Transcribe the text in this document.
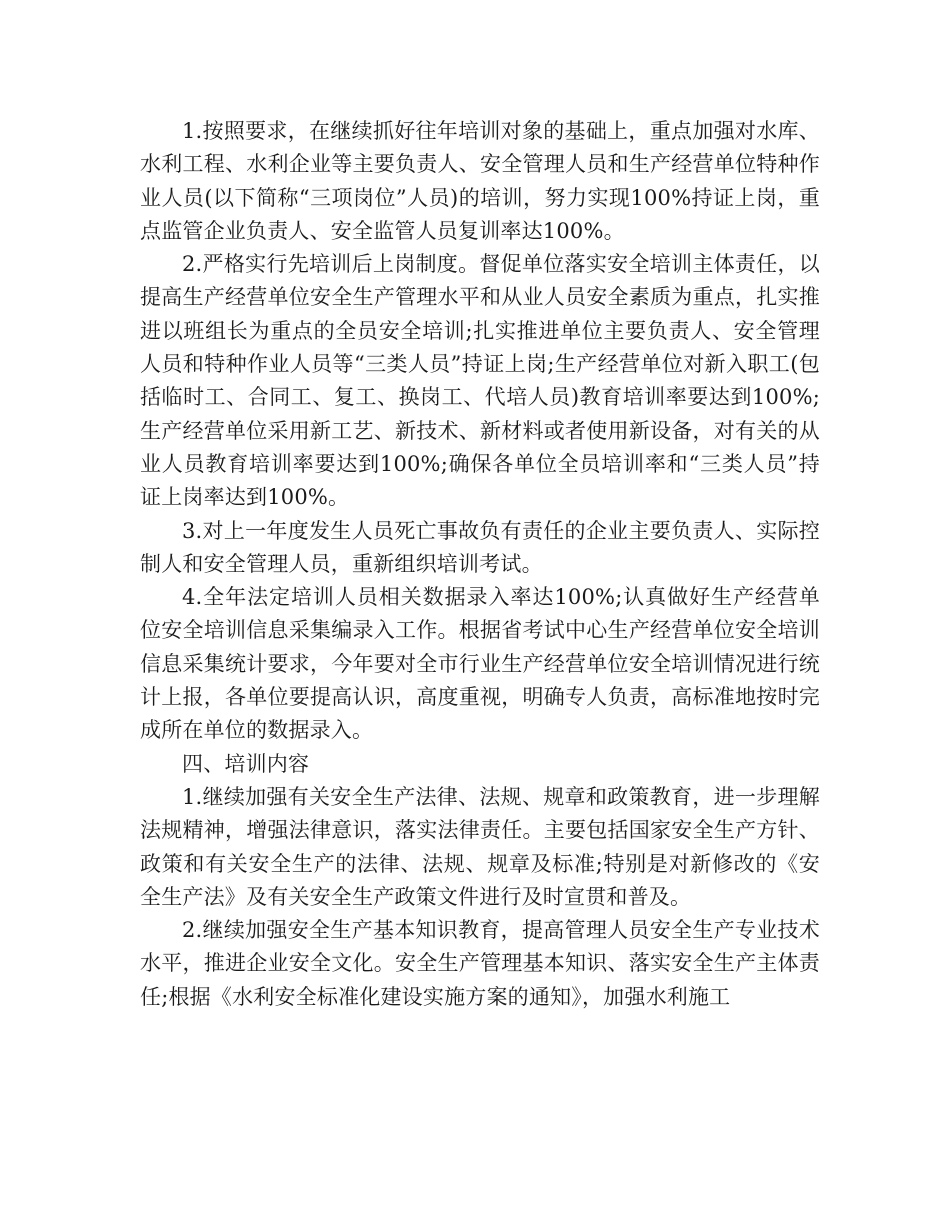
1.按照要求，在继续抓好往年培训对象的基础上，重点加强对水库、水利工程、水利企业等主要负责人、安全管理人员和生产经营单位特种作业人员(以下简称“三项岗位”人员)的培训，努力实现100%持证上岗，重点监管企业负责人、安全监管人员复训率达100%。

2.严格实行先培训后上岗制度。督促单位落实安全培训主体责任，以提高生产经营单位安全生产管理水平和从业人员安全素质为重点，扎实推进以班组长为重点的全员安全培训;扎实推进单位主要负责人、安全管理人员和特种作业人员等“三类人员”持证上岗;生产经营单位对新入职工(包括临时工、合同工、复工、换岗工、代培人员)教育培训率要达到100%;生产经营单位采用新工艺、新技术、新材料或者使用新设备，对有关的从业人员教育培训率要达到100%;确保各单位全员培训率和“三类人员”持证上岗率达到100%。

3.对上一年度发生人员死亡事故负有责任的企业主要负责人、实际控制人和安全管理人员，重新组织培训考试。

4.全年法定培训人员相关数据录入率达100%;认真做好生产经营单位安全培训信息采集编录入工作。根据省考试中心生产经营单位安全培训信息采集统计要求，今年要对全市行业生产经营单位安全培训情况进行统计上报，各单位要提高认识，高度重视，明确专人负责，高标准地按时完成所在单位的数据录入。

四、培训内容

1.继续加强有关安全生产法律、法规、规章和政策教育，进一步理解法规精神，增强法律意识，落实法律责任。主要包括国家安全生产方针、政策和有关安全生产的法律、法规、规章及标准;特别是对新修改的《安全生产法》及有关安全生产政策文件进行及时宣贯和普及。

2.继续加强安全生产基本知识教育，提高管理人员安全生产专业技术水平，推进企业安全文化。安全生产管理基本知识、落实安全生产主体责任;根据《水利安全标准化建设实施方案的通知》，加强水利施工
